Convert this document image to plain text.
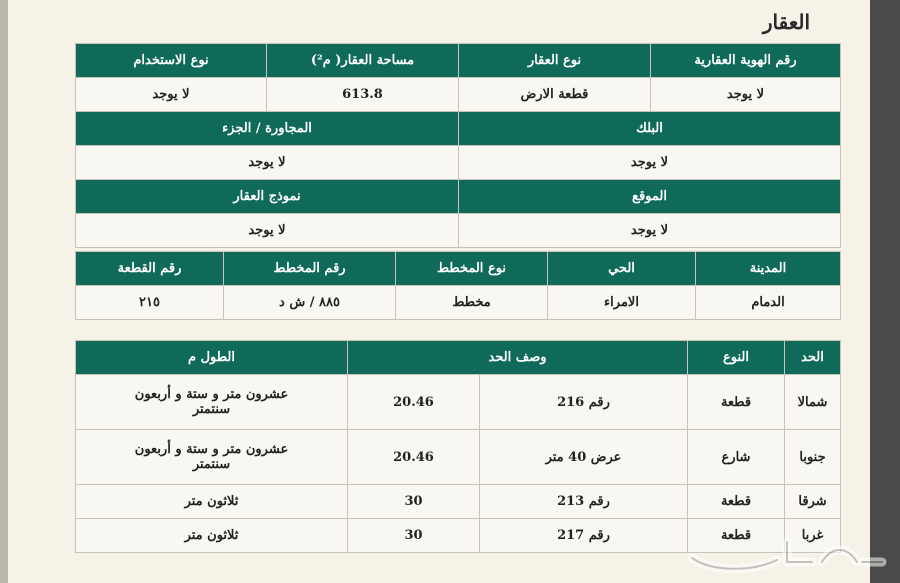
العقار
رقم الهوية العقارية	نوع العقار	مساحة العقار( م²)	نوع الاستخدام
لا يوجد	قطعة الارض	613.8	لا يوجد
البلك		المجاورة / الجزء	
لا يوجد		لا يوجد	
الموقع		نموذج العقار	
لا يوجد		لا يوجد	
المدينة	الحي	نوع المخطط	رقم المخطط	رقم القطعة
الدمام	الامراء	مخطط	٨٨٥ / ش د	٢١٥
الحد	النوع	وصف الحد		الطول م
شمالا	قطعة	رقم 216	20.46	عشرون متر و ستة و أربعون سنتمتر
جنوبا	شارع	عرض 40 متر	20.46	عشرون متر و ستة و أربعون سنتمتر
شرقا	قطعة	رقم 213	30	ثلاثون متر
غربا	قطعة	رقم 217	30	ثلاثون متر
